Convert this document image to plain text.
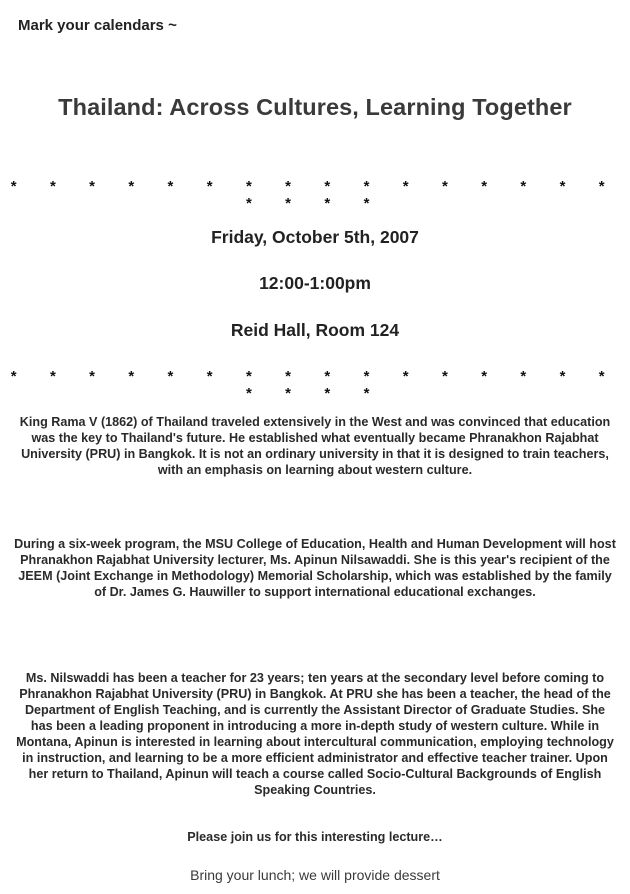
Mark your calendars ~
Thailand: Across Cultures, Learning Together
* * * * * * * * * * * * * * * * * * * *
Friday, October 5th, 2007
12:00-1:00pm
Reid Hall, Room 124
* * * * * * * * * * * * * * * * * * * *

King Rama V (1862) of Thailand traveled extensively in the West and was convinced that education was the key to Thailand's future. He established what eventually became Phranakhon Rajabhat University (PRU) in Bangkok. It is not an ordinary university in that it is designed to train teachers, with an emphasis on learning about western culture.

During a six-week program, the MSU College of Education, Health and Human Development will host Phranakhon Rajabhat University lecturer, Ms. Apinun Nilsawaddi. She is this year's recipient of the JEEM (Joint Exchange in Methodology) Memorial Scholarship, which was established by the family of Dr. James G. Hauwiller to support international educational exchanges.

Ms. Nilswaddi has been a teacher for 23 years; ten years at the secondary level before coming to Phranakhon Rajabhat University (PRU) in Bangkok. At PRU she has been a teacher, the head of the Department of English Teaching, and is currently the Assistant Director of Graduate Studies. She has been a leading proponent in introducing a more in-depth study of western culture. While in Montana, Apinun is interested in learning about intercultural communication, employing technology in instruction, and learning to be a more efficient administrator and effective teacher trainer. Upon her return to Thailand, Apinun will teach a course called Socio-Cultural Backgrounds of English Speaking Countries.

Please join us for this interesting lecture…
Bring your lunch; we will provide dessert
